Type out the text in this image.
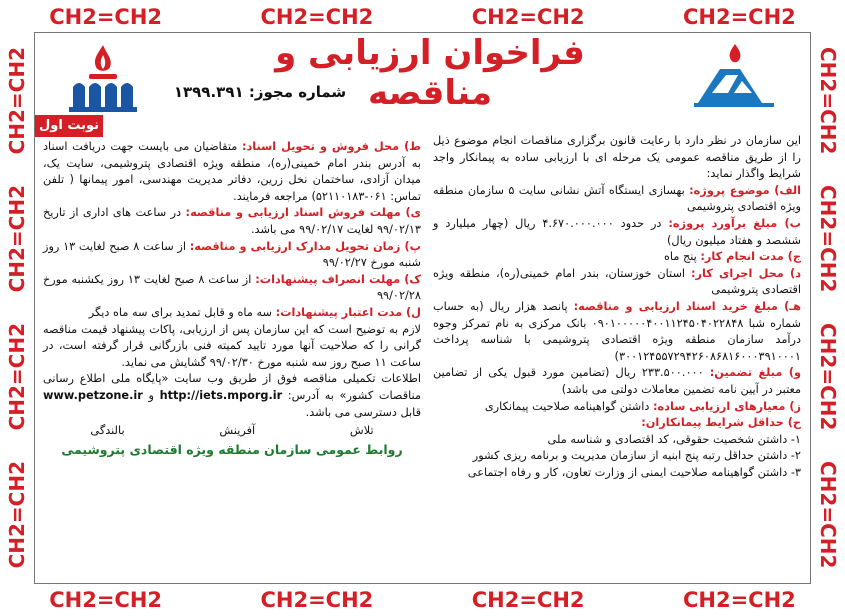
CH2=CH2	CH2=CH2	CH2=CH2	CH2=CH2
CH2=CH2	CH2=CH2	CH2=CH2	CH2=CH2
CH2=CH2
CH2=CH2
CH2=CH2
CH2=CH2
CH2=CH2
CH2=CH2
CH2=CH2
CH2=CH2
فراخوان ارزیابی و مناقصه
شماره مجوز: ۱۳۹۹.۳۹۱
نوبت اول

این سازمان در نظر دارد با رعایت قانون برگزاری مناقصات انجام موضوع ذیل را از طریق مناقصه عمومی یک مرحله ای با ارزیابی ساده به پیمانکار واجد شرایط واگذار نماید:

الف) موضوع پروژه: بهسازی ایستگاه آتش نشانی سایت ۵ سازمان منطقه ویژه اقتصادی پتروشیمی

ب) مبلغ برآورد پروژه: در حدود ۴.۶۷۰.۰۰۰.۰۰۰ ریال (چهار میلیارد و ششصد و هفتاد میلیون ریال)

ج) مدت انجام کار: پنج ماه

د) محل اجرای کار: استان خوزستان، بندر امام خمینی(ره)، منطقه ویژه اقتصادی پتروشیمی

هـ) مبلغ خرید اسناد ارزیابی و مناقصه: پانصد هزار ریال (به حساب شماره شبا ۰۹۰۱۰۰۰۰۰۴۰۰۱۱۲۴۵۰۴۰۲۲۸۴۸ بانک مرکزی به نام تمرکز وجوه درآمد سازمان منطقه ویژه اقتصادی پتروشیمی با شناسه پرداخت ۳۰۰۱۲۴۵۵۷۲۹۴۲۶۰۸۶۸۱۶۰۰۰۳۹۱۰۰۰۱)

و) مبلغ تضمین: ۲۳۳.۵۰۰.۰۰۰ ریال (تضامین مورد قبول یکی از تضامین معتبر در آیین نامه تضمین معاملات دولتی می باشد)

ز) معیارهای ارزیابی ساده: داشتن گواهینامه صلاحیت پیمانکاری

ح) حداقل شرایط پیمانکاران:

۱- داشتن شخصیت حقوقی، کد اقتصادی و شناسه ملی

۲- داشتن حداقل رتبه پنج ابنیه از سازمان مدیریت و برنامه ریزی کشور

۳- داشتن گواهینامه صلاحیت ایمنی از وزارت تعاون، کار و رفاه اجتماعی

ط) محل فروش و تحویل اسناد: متقاضیان می بایست جهت دریافت اسناد به آدرس بندر امام خمینی(ره)، منطقه ویژه اقتصادی پتروشیمی، سایت یک، میدان آزادی، ساختمان نخل زرین، دفاتر مدیریت مهندسی، امور پیمانها ( تلفن تماس: ۰۶۱-۵۲۱۱۰۱۸۳) مراجعه فرمایند.

ی) مهلت فروش اسناد ارزیابی و مناقصه: در ساعت های اداری از تاریخ ۹۹/۰۲/۱۳ لغایت ۹۹/۰۲/۱۷ می باشد.

پ) زمان تحویل مدارک ارزیابی و مناقصه: از ساعت ۸ صبح لغایت ۱۳ روز شنبه مورخ ۹۹/۰۲/۲۷

ک) مهلت انصراف پیشنهادات: از ساعت ۸ صبح لغایت ۱۳ روز یکشنبه مورخ ۹۹/۰۲/۲۸

ل) مدت اعتبار پیشنهادات: سه ماه و قابل تمدید برای سه ماه دیگر

لازم به توضیح است که این سازمان پس از ارزیابی، پاکات پیشنهاد قیمت مناقصه گرانی را که صلاحیت آنها مورد تایید کمیته فنی بازرگانی قرار گرفته است، در ساعت ۱۱ صبح روز سه شنبه مورخ ۹۹/۰۲/۳۰ گشایش می نماید.

اطلاعات تکمیلی مناقصه فوق از طریق وب سایت «پایگاه ملی اطلاع رسانی مناقصات کشور» به آدرس: http://iets.mporg.ir و www.petzone.ir قابل دسترسی می باشد.

تلاش
آفرینش
بالندگی
روابط عمومی سازمان منطقه ویژه اقتصادی پتروشیمی
